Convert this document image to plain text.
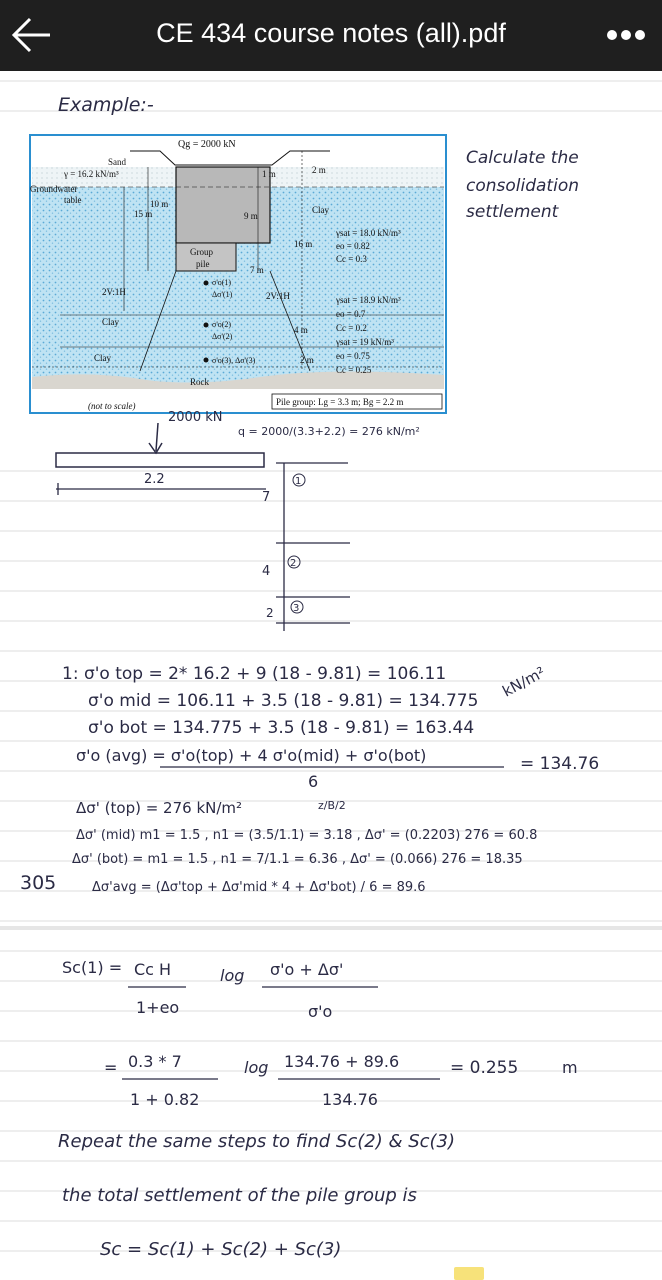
CE 434 course notes (all).pdf
Example:-
Qg = 2000 kN
Sand
γ = 16.2 kN/m³
Groundwater
table	10 m
15 m
1 m	2 m
9 m
Clay
16 m
Group
pile
7 m
2V:1H	2V:1H
σ'o(1)
Δσ'(1)
Clay	σ'o(2)
Δσ'(2)
4 m
Clay	σ'o(3), Δσ'(3)	2 m
Rock
γsat = 18.0 kN/m³
eo = 0.82
Cc = 0.3
γsat = 18.9 kN/m³
eo = 0.7
Cc = 0.2
γsat = 19 kN/m³
eo = 0.75
Cc = 0.25
Pile group: Lg = 3.3 m; Bg = 2.2 m
(not to scale)
Calculate the
consolidation
settlement
2000 kN
q = 2000/(3.3+2.2) = 276 kN/m²
2.2
7
4
2
1
2
3
1: σ'o top = 2* 16.2 + 9 (18 - 9.81) = 106.11
σ'o mid = 106.11 + 3.5 (18 - 9.81) = 134.775
σ'o bot = 134.775 + 3.5 (18 - 9.81) = 163.44
kN/m²
σ'o (avg) = σ'o(top) + 4 σ'o(mid) + σ'o(bot)
6
= 134.76
Δσ' (top) = 276 kN/m²	z/B/2
Δσ' (mid) m1 = 1.5 , n1 = (3.5/1.1) = 3.18 , Δσ' = (0.2203) 276 = 60.8
Δσ' (bot) = m1 = 1.5 , n1 = 7/1.1 = 6.36 , Δσ' = (0.066) 276 = 18.35
305	Δσ'avg = (Δσ'top + Δσ'mid * 4 + Δσ'bot) / 6 = 89.6
Sc(1) = Cc H
1+eo
log σ'o + Δσ'
σ'o
= 0.3 * 7
1 + 0.82
log 134.76 + 89.6
134.76
= 0.255	m
Repeat the same steps to find Sc(2) & Sc(3)
the total settlement of the pile group is
Sc = Sc(1) + Sc(2) + Sc(3)
